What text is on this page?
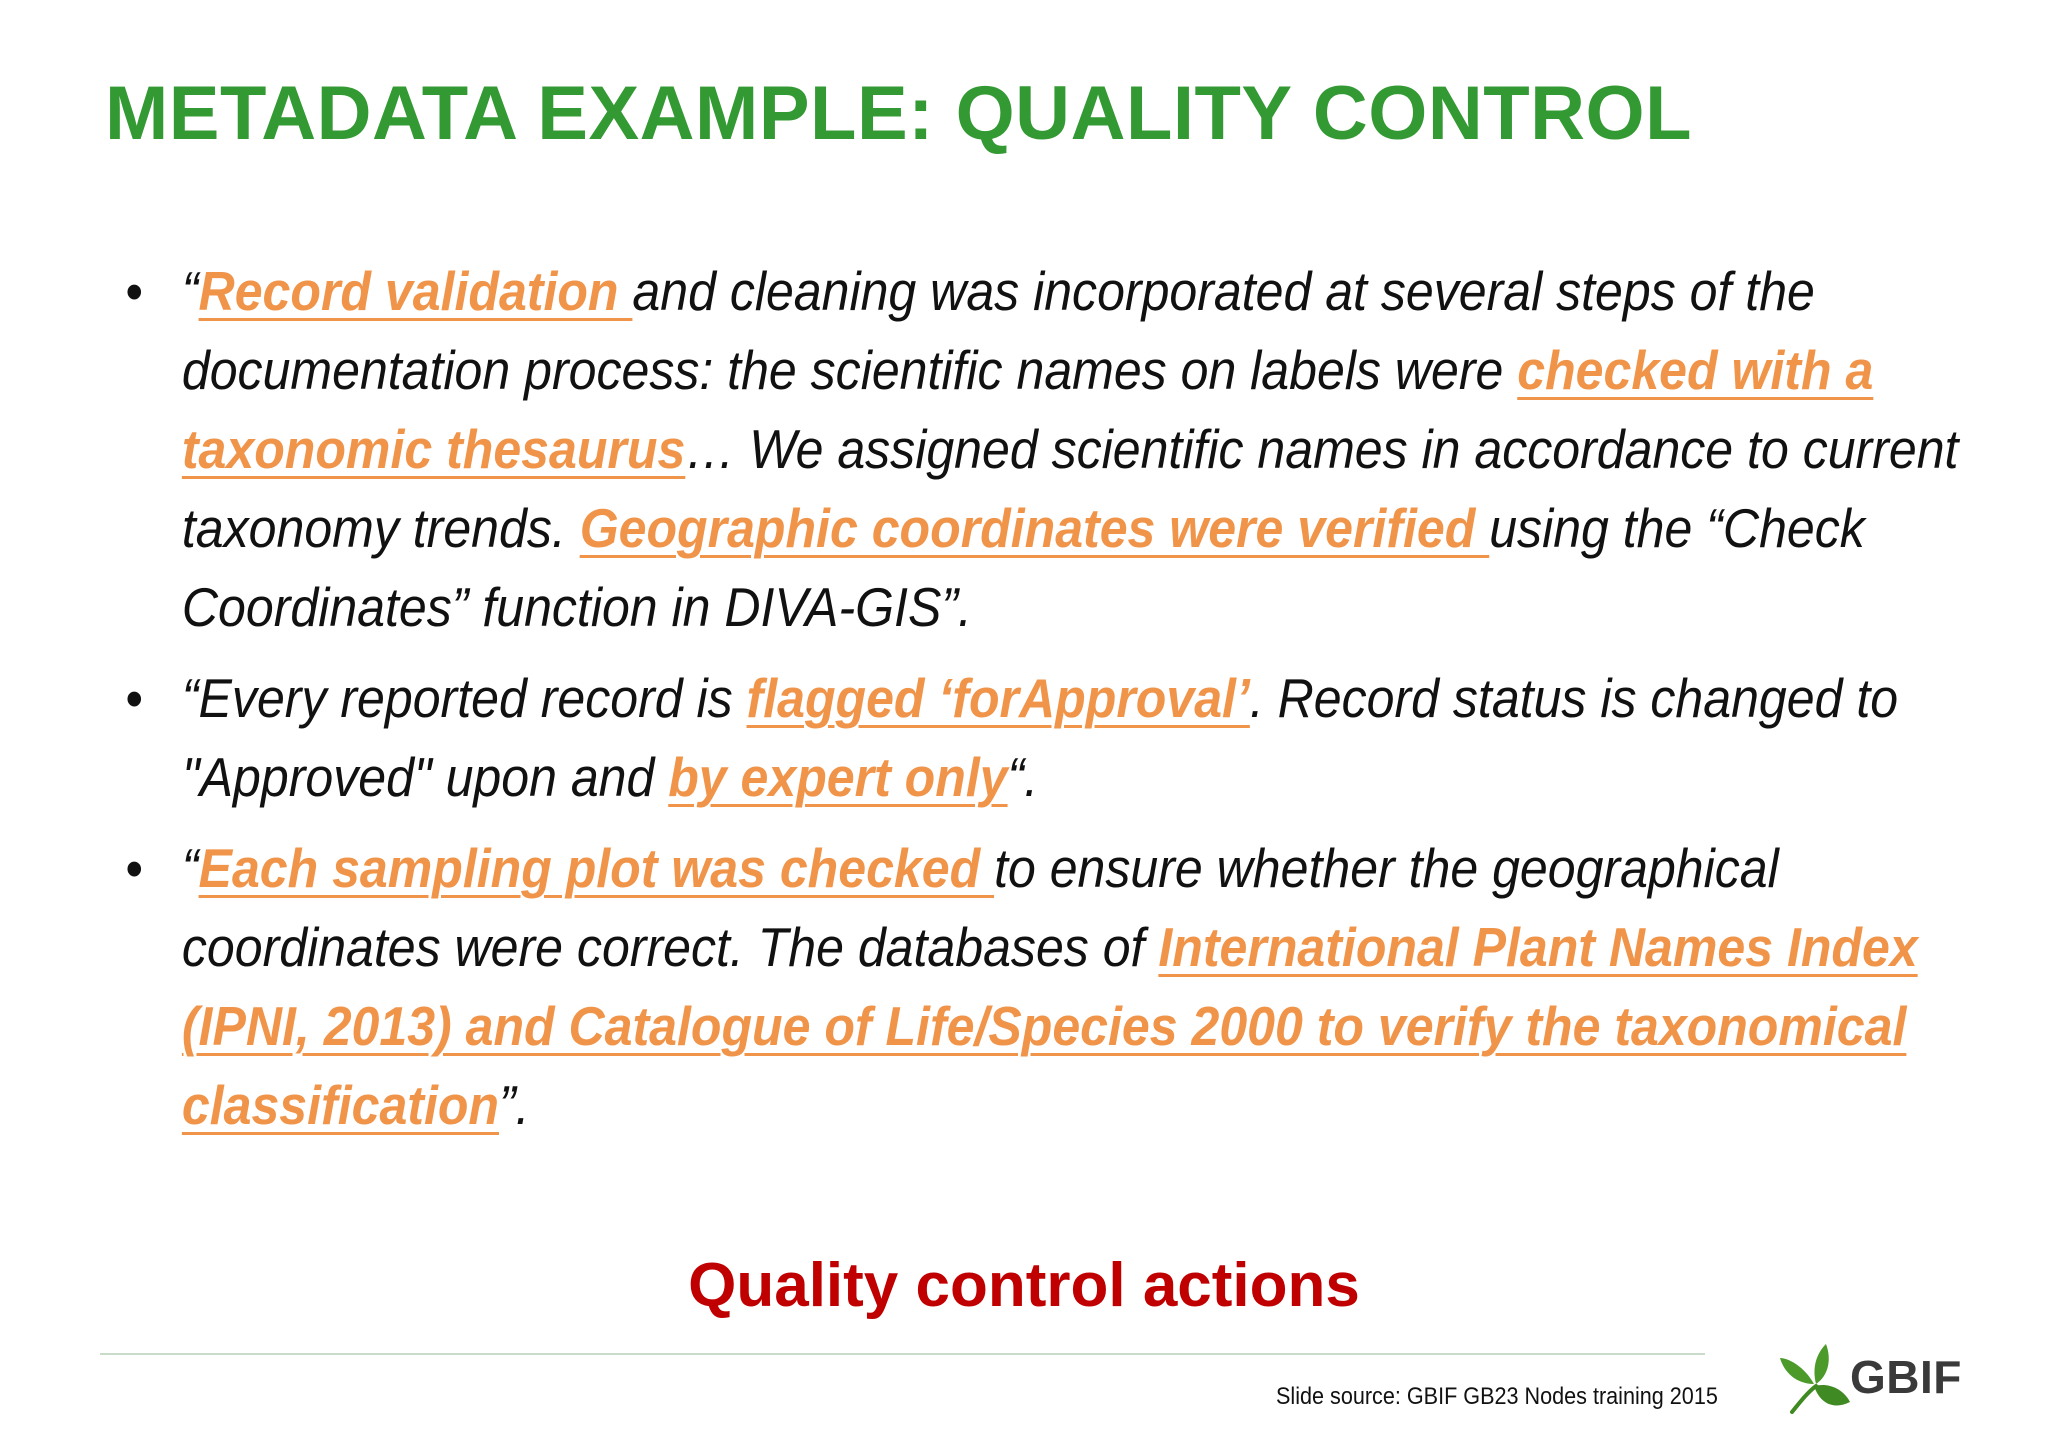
METADATA EXAMPLE: QUALITY CONTROL
• “Record validation and cleaning was incorporated at several steps of the documentation process: the scientific names on labels were checked with a taxonomic thesaurus… We assigned scientific names in accordance to current taxonomy trends. Geographic coordinates were verified using the “Check Coordinates” function in DIVA-GIS”.
• “Every reported record is flagged ‘forApproval’. Record status is changed to "Approved" upon and by expert only“.
• “Each sampling plot was checked to ensure whether the geographical coordinates were correct. The databases of International Plant Names Index (IPNI, 2013) and Catalogue of Life/Species 2000 to verify the taxonomical classification”.
Quality control actions
Slide source: GBIF GB23 Nodes training 2015	GBIF
